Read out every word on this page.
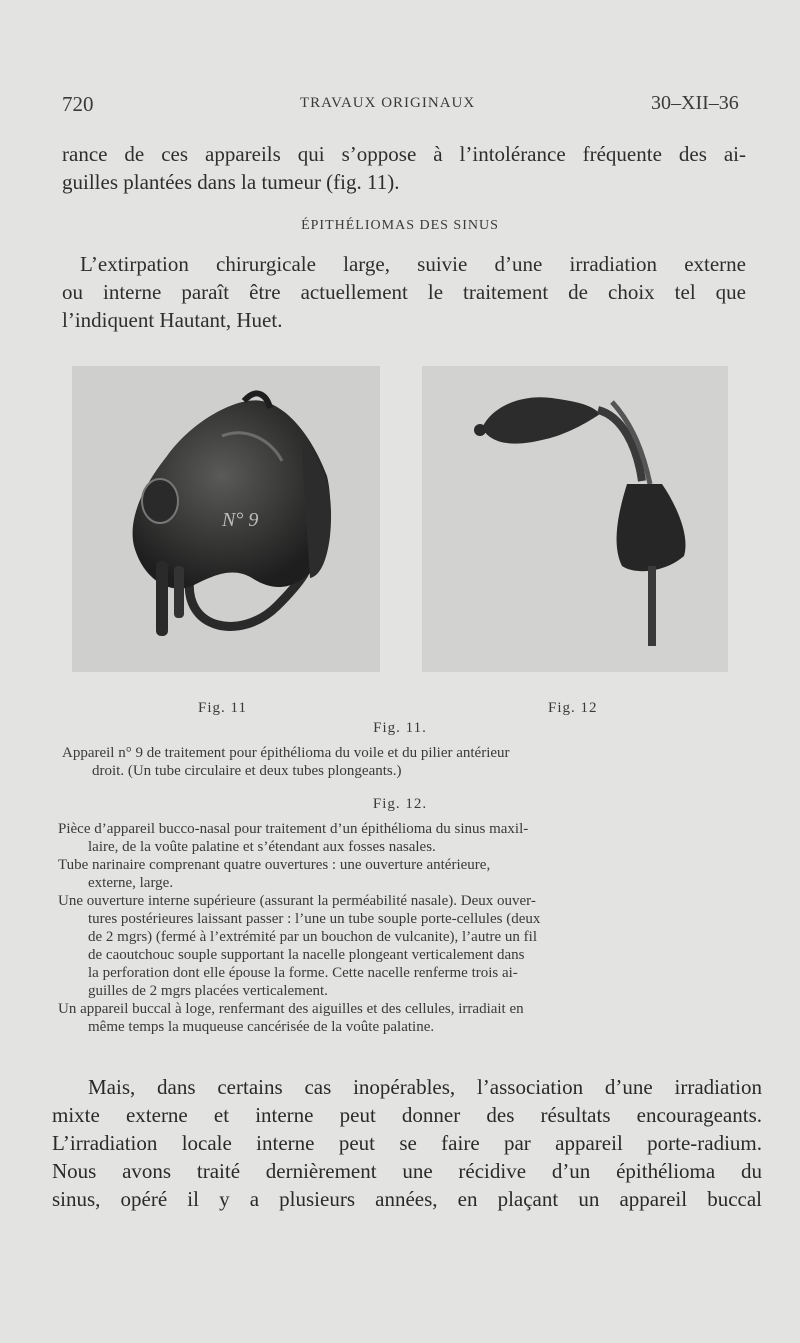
720	TRAVAUX ORIGINAUX	30–XII–36
rance de ces appareils qui s’oppose à l’intolérance fréquente des ai-
guilles plantées dans la tumeur (fig. 11).
ÉPITHÉLIOMAS DES SINUS
L’extirpation chirurgicale large, suivie d’une irradiation externe
ou interne paraît être actuellement le traitement de choix tel que
l’indiquent Hautant, Huet.
N° 9
Fig. 11	Fig. 12
Fig. 11.
Appareil n° 9 de traitement pour épithélioma du voile et du pilier antérieur
droit. (Un tube circulaire et deux tubes plongeants.)
Fig. 12.
Pièce d’appareil bucco-nasal pour traitement d’un épithélioma du sinus maxil-
laire, de la voûte palatine et s’étendant aux fosses nasales.
Tube narinaire comprenant quatre ouvertures : une ouverture antérieure,
externe, large.
Une ouverture interne supérieure (assurant la perméabilité nasale). Deux ouver-
tures postérieures laissant passer : l’une un tube souple porte-cellules (deux
de 2 mgrs) (fermé à l’extrémité par un bouchon de vulcanite), l’autre un fil
de caoutchouc souple supportant la nacelle plongeant verticalement dans
la perforation dont elle épouse la forme. Cette nacelle renferme trois ai-
guilles de 2 mgrs placées verticalement.
Un appareil buccal à loge, renfermant des aiguilles et des cellules, irradiait en
même temps la muqueuse cancérisée de la voûte palatine.
Mais, dans certains cas inopérables, l’association d’une irradiation
mixte externe et interne peut donner des résultats encourageants.
L’irradiation locale interne peut se faire par appareil porte-radium.
Nous avons traité dernièrement une récidive d’un épithélioma du
sinus, opéré il y a plusieurs années, en plaçant un appareil buccal
